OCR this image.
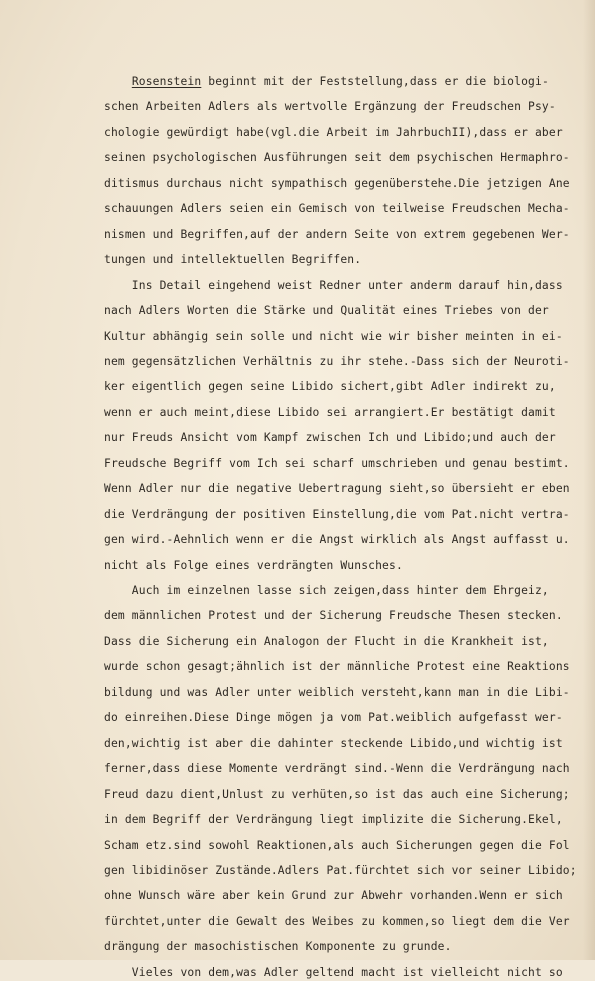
Rosenstein beginnt mit der Feststellung,dass er die biologi-
schen Arbeiten Adlers als wertvolle Ergänzung der Freudschen Psy-
chologie gewürdigt habe(vgl.die Arbeit im JahrbuchII),dass er aber
seinen psychologischen Ausführungen seit dem psychischen Hermaphro-
ditismus durchaus nicht sympathisch gegenüberstehe.Die jetzigen Ane
schauungen Adlers seien ein Gemisch von teilweise Freudschen Mecha-
nismen und Begriffen,auf der andern Seite von extrem gegebenen Wer-
tungen und intellektuellen Begriffen.
Ins Detail eingehend weist Redner unter anderm darauf hin,dass
nach Adlers Worten die Stärke und Qualität eines Triebes von der
Kultur abhängig sein solle und nicht wie wir bisher meinten in ei-
nem gegensätzlichen Verhältnis zu ihr stehe.-Dass sich der Neuroti-
ker eigentlich gegen seine Libido sichert,gibt Adler indirekt zu,
wenn er auch meint,diese Libido sei arrangiert.Er bestätigt damit
nur Freuds Ansicht vom Kampf zwischen Ich und Libido;und auch der
Freudsche Begriff vom Ich sei scharf umschrieben und genau bestimt.
Wenn Adler nur die negative Uebertragung sieht,so übersieht er eben
die Verdrängung der positiven Einstellung,die vom Pat.nicht vertra-
gen wird.-Aehnlich wenn er die Angst wirklich als Angst auffasst u.
nicht als Folge eines verdrängten Wunsches.
Auch im einzelnen lasse sich zeigen,dass hinter dem Ehrgeiz,
dem männlichen Protest und der Sicherung Freudsche Thesen stecken.
Dass die Sicherung ein Analogon der Flucht in die Krankheit ist,
wurde schon gesagt;ähnlich ist der männliche Protest eine Reaktions
bildung und was Adler unter weiblich versteht,kann man in die Libi-
do einreihen.Diese Dinge mögen ja vom Pat.weiblich aufgefasst wer-
den,wichtig ist aber die dahinter steckende Libido,und wichtig ist
ferner,dass diese Momente verdrängt sind.-Wenn die Verdrängung nach
Freud dazu dient,Unlust zu verhüten,so ist das auch eine Sicherung;
in dem Begriff der Verdrängung liegt implizite die Sicherung.Ekel,
Scham etz.sind sowohl Reaktionen,als auch Sicherungen gegen die Fol
gen libidinöser Zustände.Adlers Pat.fürchtet sich vor seiner Libido;
ohne Wunsch wäre aber kein Grund zur Abwehr vorhanden.Wenn er sich
fürchtet,unter die Gewalt des Weibes zu kommen,so liegt dem die Ver
drängung der masochistischen Komponente zu grunde.
Vieles von dem,was Adler geltend macht ist vielleicht nicht so
